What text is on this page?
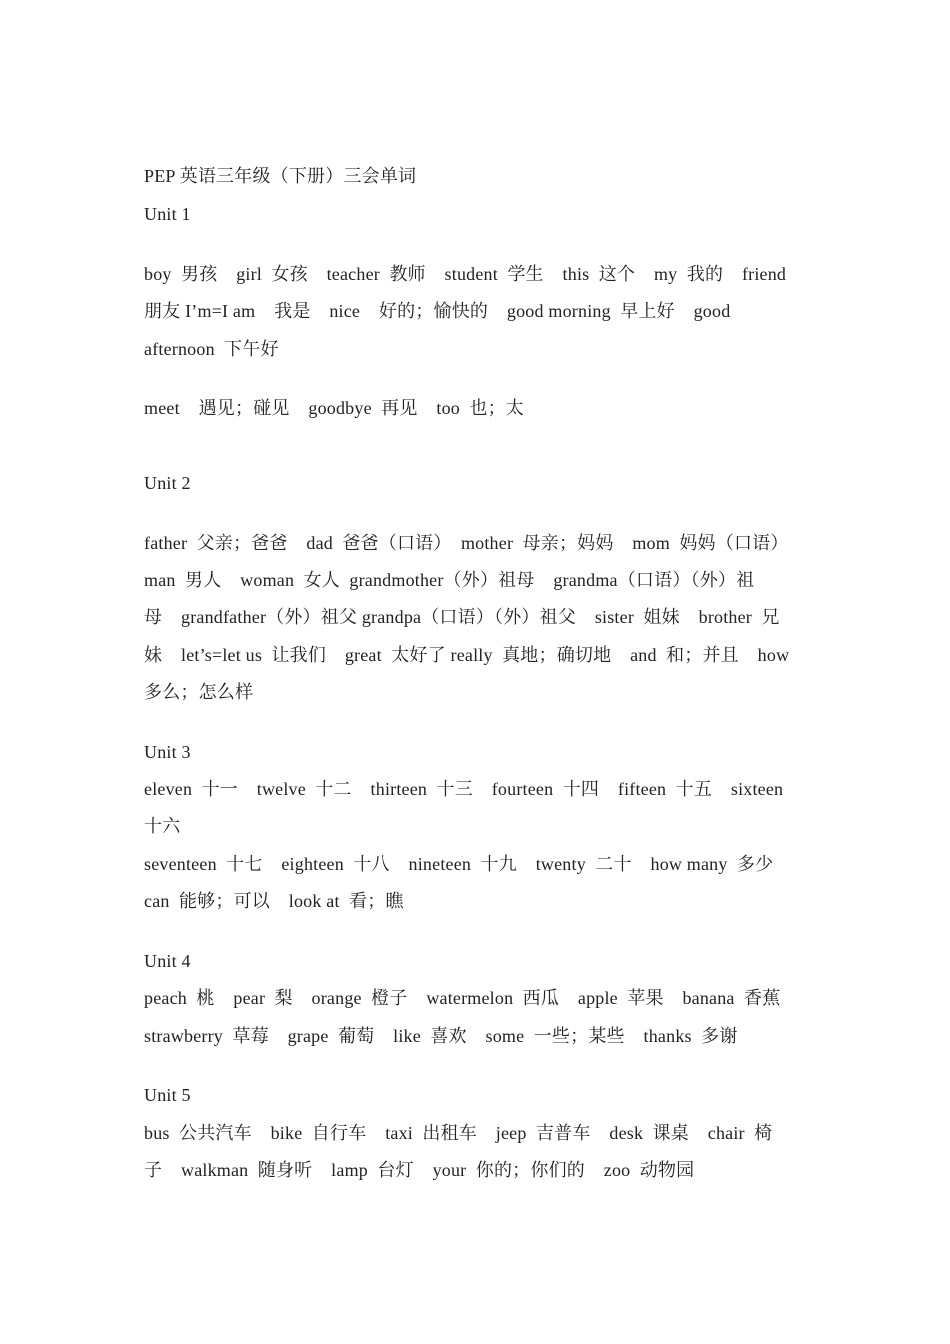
PEP 英语三年级（下册）三会单词
Unit 1
boy  男孩    girl  女孩    teacher  教师    student  学生    this  这个    my  我的    friend
朋友 I’m=I am    我是    nice    好的；愉快的    good morning  早上好    good
afternoon  下午好
meet    遇见；碰见    goodbye  再见    too  也；太
Unit 2
father  父亲；爸爸    dad  爸爸（口语）  mother  母亲；妈妈    mom  妈妈（口语）
man  男人    woman  女人  grandmother（外）祖母    grandma（口语）（外）祖
母    grandfather（外）祖父 grandpa（口语）（外）祖父    sister  姐妹    brother  兄
妹    let’s=let us  让我们    great  太好了 really  真地；确切地    and  和；并且    how
多么；怎么样
Unit 3
eleven  十一    twelve  十二    thirteen  十三    fourteen  十四    fifteen  十五    sixteen
十六
seventeen  十七    eighteen  十八    nineteen  十九    twenty  二十    how many  多少
can  能够；可以    look at  看；瞧
Unit 4
peach  桃    pear  梨    orange  橙子    watermelon  西瓜    apple  苹果    banana  香蕉
strawberry  草莓    grape  葡萄    like  喜欢    some  一些；某些    thanks  多谢
Unit 5
bus  公共汽车    bike  自行车    taxi  出租车    jeep  吉普车    desk  课桌    chair  椅
子    walkman  随身听    lamp  台灯    your  你的；你们的    zoo  动物园
